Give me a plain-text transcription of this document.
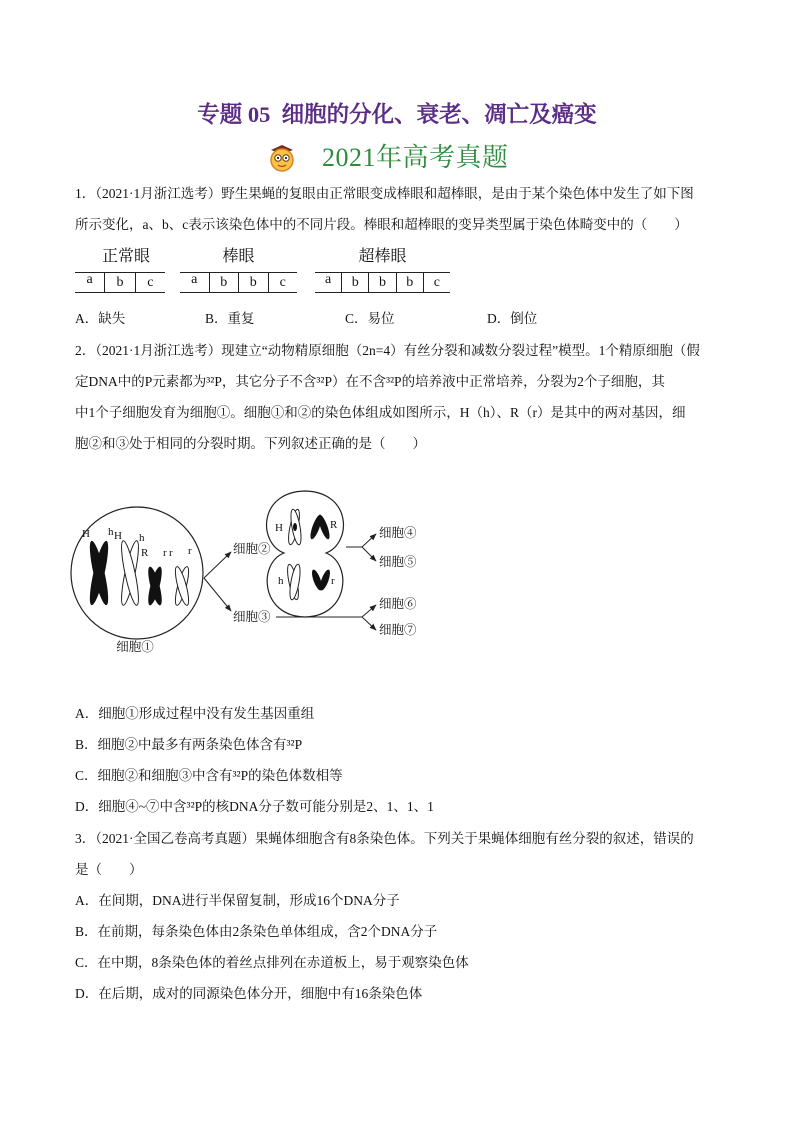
专题 05  细胞的分化、衰老、凋亡及癌变
2021年高考真题
1．（2021·1月浙江选考）野生果蝇的复眼由正常眼变成棒眼和超棒眼，是由于某个染色体中发生了如下图
所示变化，a、b、c表示该染色体中的不同片段。棒眼和超棒眼的变异类型属于染色体畸变中的（　　）
正常眼
a	b	c
棒眼
a	b	b	c
超棒眼
a	b	b	b	c
A．缺失	B．重复	C．易位	D．倒位
2．（2021·1月浙江选考）现建立“动物精原细胞（2n=4）有丝分裂和减数分裂过程”模型。1个精原细胞（假
定DNA中的P元素都为³²P，其它分子不含³²P）在不含³²P的培养液中正常培养，分裂为2个子细胞，其
中1个子细胞发育为细胞①。细胞①和②的染色体组成如图所示，H（h）、R（r）是其中的两对基因，细
胞②和③处于相同的分裂时期。下列叙述正确的是（　　）
H h H h
R r r r
细胞①
细胞②
细胞③
H	R
h	r
细胞④
细胞⑤
细胞⑥
细胞⑦
A．细胞①形成过程中没有发生基因重组
B．细胞②中最多有两条染色体含有³²P
C．细胞②和细胞③中含有³²P的染色体数相等
D．细胞④~⑦中含³²P的核DNA分子数可能分别是2、1、1、1
3．（2021·全国乙卷高考真题）果蝇体细胞含有8条染色体。下列关于果蝇体细胞有丝分裂的叙述，错误的
是（　　）
A．在间期，DNA进行半保留复制，形成16个DNA分子
B．在前期，每条染色体由2条染色单体组成，含2个DNA分子
C．在中期，8条染色体的着丝点排列在赤道板上，易于观察染色体
D．在后期，成对的同源染色体分开，细胞中有16条染色体
